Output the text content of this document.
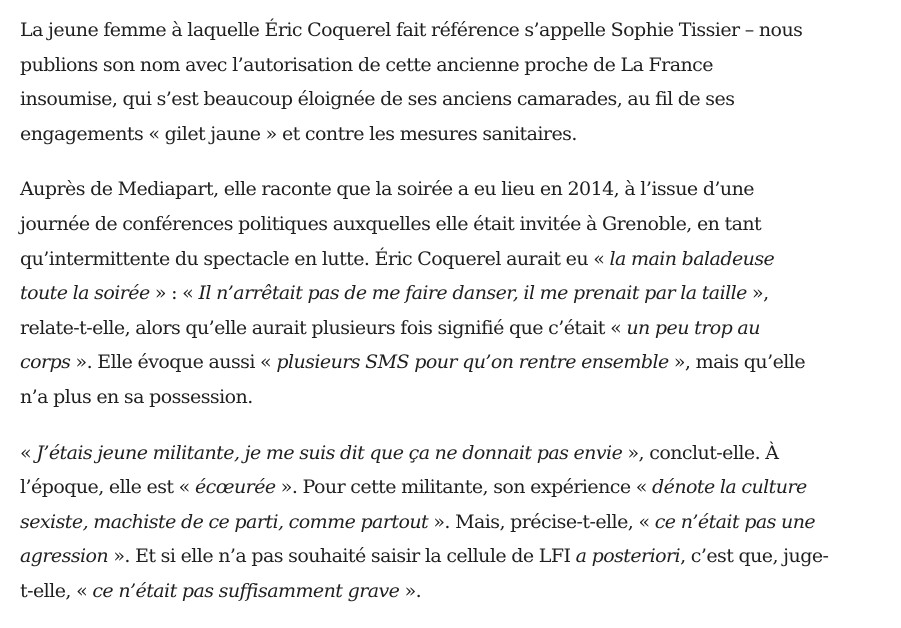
La jeune femme à laquelle Éric Coquerel fait référence s’appelle Sophie Tissier – nous
publions son nom avec l’autorisation de cette ancienne proche de La France
insoumise, qui s’est beaucoup éloignée de ses anciens camarades, au fil de ses
engagements « gilet jaune » et contre les mesures sanitaires.

Auprès de Mediapart, elle raconte que la soirée a eu lieu en 2014, à l’issue d’une
journée de conférences politiques auxquelles elle était invitée à Grenoble, en tant
qu’intermittente du spectacle en lutte. Éric Coquerel aurait eu « la main baladeuse
toute la soirée » : « Il n’arrêtait pas de me faire danser, il me prenait par la taille »,
relate-t-elle, alors qu’elle aurait plusieurs fois signifié que c’était « un peu trop au
corps ». Elle évoque aussi « plusieurs SMS pour qu’on rentre ensemble », mais qu’elle
n’a plus en sa possession.

« J’étais jeune militante, je me suis dit que ça ne donnait pas envie », conclut-elle. À
l’époque, elle est « écœurée ». Pour cette militante, son expérience « dénote la culture
sexiste, machiste de ce parti, comme partout ». Mais, précise-t-elle, « ce n’était pas une
agression ». Et si elle n’a pas souhaité saisir la cellule de LFI a posteriori, c’est que, juge-
t-elle, « ce n’était pas suffisamment grave ».
